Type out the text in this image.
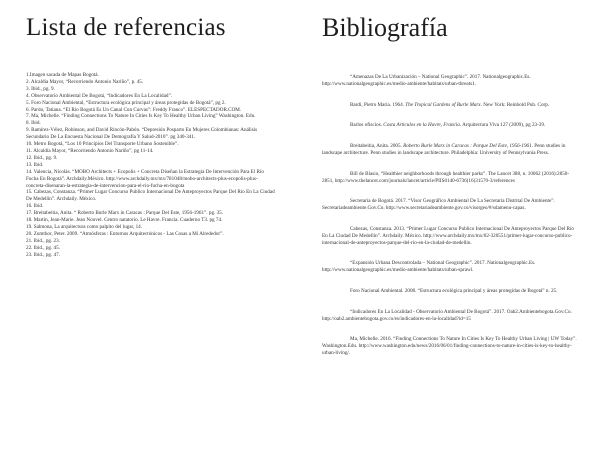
Lista de referencias
1.Imagen sacada de Mapas Bogotá.
2. Alcaldía Mayor, “Recorriendo Antonio Nariño”, p. 45.
3. Ibid., pg. 9.
4. Observatorio Ambiental De Bogotá, “Indicadores En La Localidad”.
5. Foro Nacional Ambiental, “Estructura ecológica principal y áreas protegidas de Bogotá”, pg 2.
6. Pardo, Tatiana. “El Río Bogotá Es Un Canal Con Curvas”: Freddy Franco”. ELESPECTADOR.COM.
7. Ma, Michelle. “Finding Connections To Nature In Cities Is Key To Healthy Urban Living” Washington. Edu.
8. Ibid.
9. Ramírez-Vélez, Robinson, and David Rincón-Pabón. “Depresión Posparto En Mujeres Colombianas: Análisis Secundario De La Encuesta Nacional De Demografía Y Salud-2010”. pg 340-341.
10. Metro Bogotá, “Los 10 Principios Del Transporte Urbano Sostenible”.
11. Alcaldía Mayor, “Recorriendo Antonio Nariño”, pg 11-14.
12. Ibid., pg. 9.
13. Ibid.
14. Valencia, Nicolás. “MOBO Architects + Ecopolis + Concreta Diseñan la Estrategia De Intervención Para El Río Fucha En Bogotá”. Archdaily.México. http://www.archdaily.mx/mx/781048/mobo-architects-plus-ecopolis-plus-concreta-disenaran-la-estrategia-de-intervencion-para-el-rio-fucha-en-bogota
15. Cabezas, Constanza. “Primer Lugar Concurso Publico Internacional De Anteproyectos Parque Del Río En La Ciudad De Medellín”. Archdaily. México.
16. Ibid.
17. Breitabeitia, Anita. “ Roberto Burle Marx in Caracas : Parque Del Este, 1956-1961”. pg. 35.
18. Martin, Jean-Marie. Jean Nouvel. Centro natatorio. Le Havre. Francia. Cuaderno T3. pg 74.
19. Salmona, La arquitectura como palpito del lugar, 14.
20. Zumthor, Peter. 2009. “Atmósferas : Entornos Arquitectónicos - Las Cosas a Mi Alrededor”.
21. Ibid., pg. 23.
22. Ibid., pg. 45.
23. Ibid., pg. 47.
Bibliografía

“Amenazas De La Urbanización – National Geographic”. 2017. Nationalgeographic.Es. http://www.nationalgeographic.es/medio-ambiente/habitats/urban-threats1.

Bardi, Pietro Maria. 1964. The Tropical Gardens of Burle Marx. New York: Reinhold Pub. Corp.

Barlos ofiscios. Costa Articulos en la Havre, Francia. Arquitectura Viva 127 (2009), pg 23-39.

Breitabeitia, Anita. 2005. Roberto Burle Marx in Caracas : Parque Del Este, 1956-1961. Penn studies in landscape architecture. Penn studies in landscape architecture. Philadelphia: University of Pennsylvania Press.

Bill de Blasio, “Healthier neighborhoods through healthier parks”. The Lancet 388, n. 10062 (2016):2850-2851, http://www.thelancet.com/journals/lancet/article/PIIS0140-6736(16)31570-3/references

Secretaría de Bogotá. 2017. “Visor Geográfico Ambiental De La Secretaría Distrital De Ambiente”. Secretariadeambiente.Gov.Co. http://www.secretariadeambiente.gov.co/visorgeo/#/sdamenu-capas.

Cabezas, Constanza. 2013. “Primer Lugar Concurso Publico Internacional De Anteproyectos Parque Del Río En La Ciudad De Medellín”. Archdaily. México. http://www.archdaily.mx/mx/02-320551/primer-lugar-concurso-publico-internacional-de-anteproyectos-parque-del-rio-en-la-ciudad-de-medellin.

“Expansión Urbana Descontrolada – National Geographic”. 2017. Nationalgeographic.Es. http://www.nationalgeographic.es/medio-ambiente/habitats/urban-sprawl.

Foro Nacional Ambiental. 2008. “Estructura ecológica principal y áreas protegidas de Bogotá” n. 25.

“Indicadores En La Localidad - Observatorio Ambiental De Bogotá”. 2017. Oab2.Ambientebogota.Gov.Co. http://oab2.ambientebogota.gov.co/es/indicadores-en-la-localidad?id=15

Ma, Michelle. 2016. “Finding Connections To Nature In Cities Is Key To Healthy Urban Living | UW Today”. Washington.Edu. http://www.washington.edu/news/2016/06/01/finding-connections-to-nature-in-cities-is-key-to-healthy-urban-living/.
